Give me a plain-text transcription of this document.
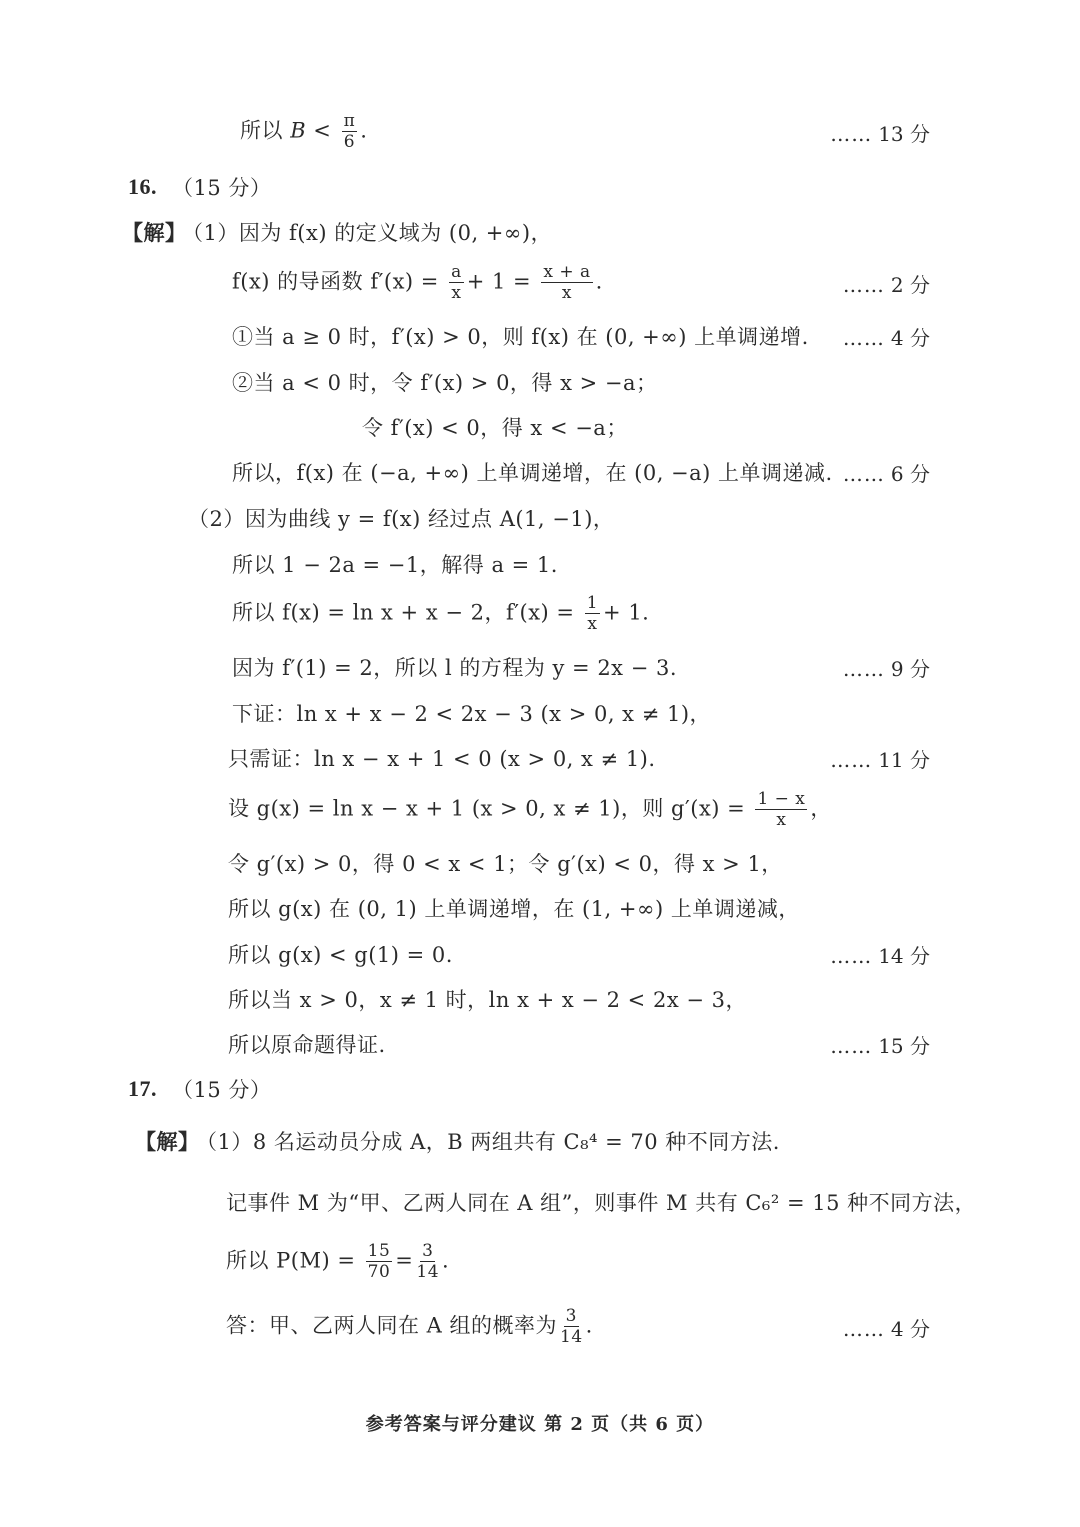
所以 $B < \frac{\pi}{6}$ .	…… 13 分
16. （15 分）
【解】
（1）因为 f(x) 的定义域为 (0, +∞)，
f(x) 的导函数 $f'(x) = \frac{a}{x} + 1 = \frac{x + a}{x}$ .	…… 2 分
①当 a ≥ 0 时，f′(x) > 0，则 f(x) 在 (0, +∞) 上单调递增. …… 4 分
②当 a < 0 时，令 f′(x) > 0，得 x > −a；
令 f′(x) < 0，得 x < −a；
所以，f(x) 在 (−a, +∞) 上单调递增，在 (0, −a) 上单调递减. …… 6 分
（2）因为曲线 y = f(x) 经过点 A(1, −1)，
所以 1 − 2a = −1，解得 a = 1.
所以 f(x) = ln x + x − 2，$f'(x) = \frac{1}{x} + 1$.
因为 f′(1) = 2，所以 l 的方程为 y = 2x − 3.	…… 9 分
下证：ln x + x − 2 < 2x − 3 (x > 0, x ≠ 1)，
只需证：ln x − x + 1 < 0 (x > 0, x ≠ 1).	…… 11 分
设 g(x) = ln x − x + 1 (x > 0, x ≠ 1)，则 $g'(x) = \frac{1 - x}{x}$ ，
令 g′(x) > 0，得 0 < x < 1；令 g′(x) < 0，得 x > 1，
所以 g(x) 在 (0, 1) 上单调递增，在 (1, +∞) 上单调递减，
所以 g(x) < g(1) = 0.	…… 14 分
所以当 x > 0，x ≠ 1 时，ln x + x − 2 < 2x − 3，
所以原命题得证.	…… 15 分
17. （15 分）
【解】
（1）8 名运动员分成 A，B 两组共有 C₈⁴ = 70 种不同方法.
记事件 M 为“甲、乙两人同在 A 组”，则事件 M 共有 C₆² = 15 种不同方法，
所以 $P(M) = \frac{15}{70} = \frac{3}{14}$ .
答：甲、乙两人同在 A 组的概率为 $\frac{3}{14}$ .	…… 4 分
参考答案与评分建议 第 2 页（共 6 页）
